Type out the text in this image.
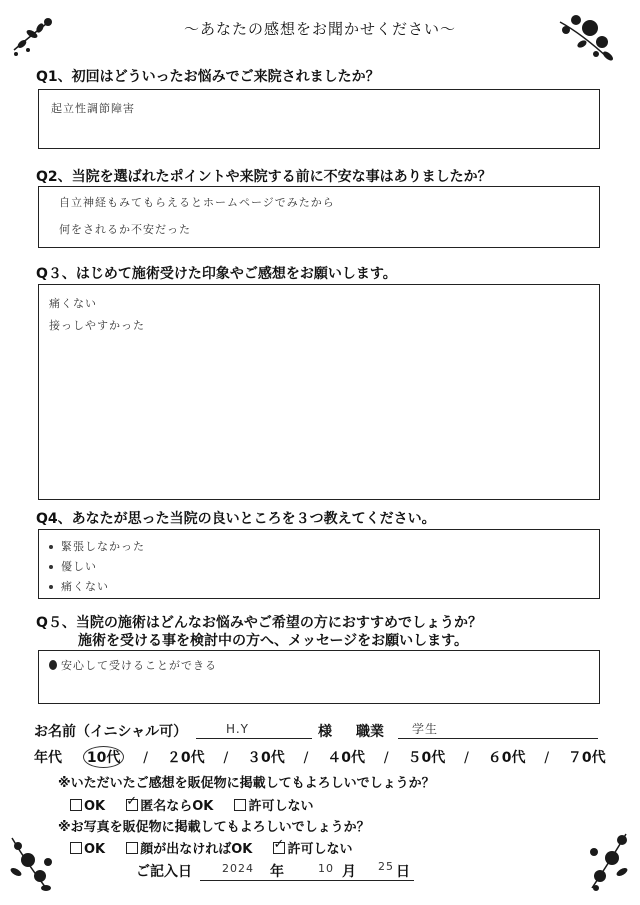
〜あなたの感想をお聞かせください〜
Q1、初回はどういったお悩みでご来院されましたか？
起立性調節障害
Q2、当院を選ばれたポイントや来院する前に不安な事はありましたか？
自立神経もみてもらえるとホームページでみたから
何をされるか不安だった
Q３、はじめて施術受けた印象やご感想をお願いします。
痛くない
接っしやすかった
Q4、あなたが思った当院の良いところを３つ教えてください。
緊張しなかった
優しい
痛くない
Q５、当院の施術はどんなお悩みやご希望の方におすすめでしょうか？
施術を受ける事を検討中の方へ、メッセージをお願いします。
安心して受けることができる
お名前（イニシャル可）	H.Y	様 職業 学生
年代 10代 / ２0代 / ３0代 / ４0代 / ５0代 / ６0代 / ７0代
※いただいたご感想を販促物に掲載してもよろしいでしょうか？
OK ✓	匿名ならOK	許可しない
※お写真を販促物に掲載してもよろしいでしょうか？
OK	顔が出なければOK ✓	許可しない
ご記入日	2024 年	10 月 25 日
